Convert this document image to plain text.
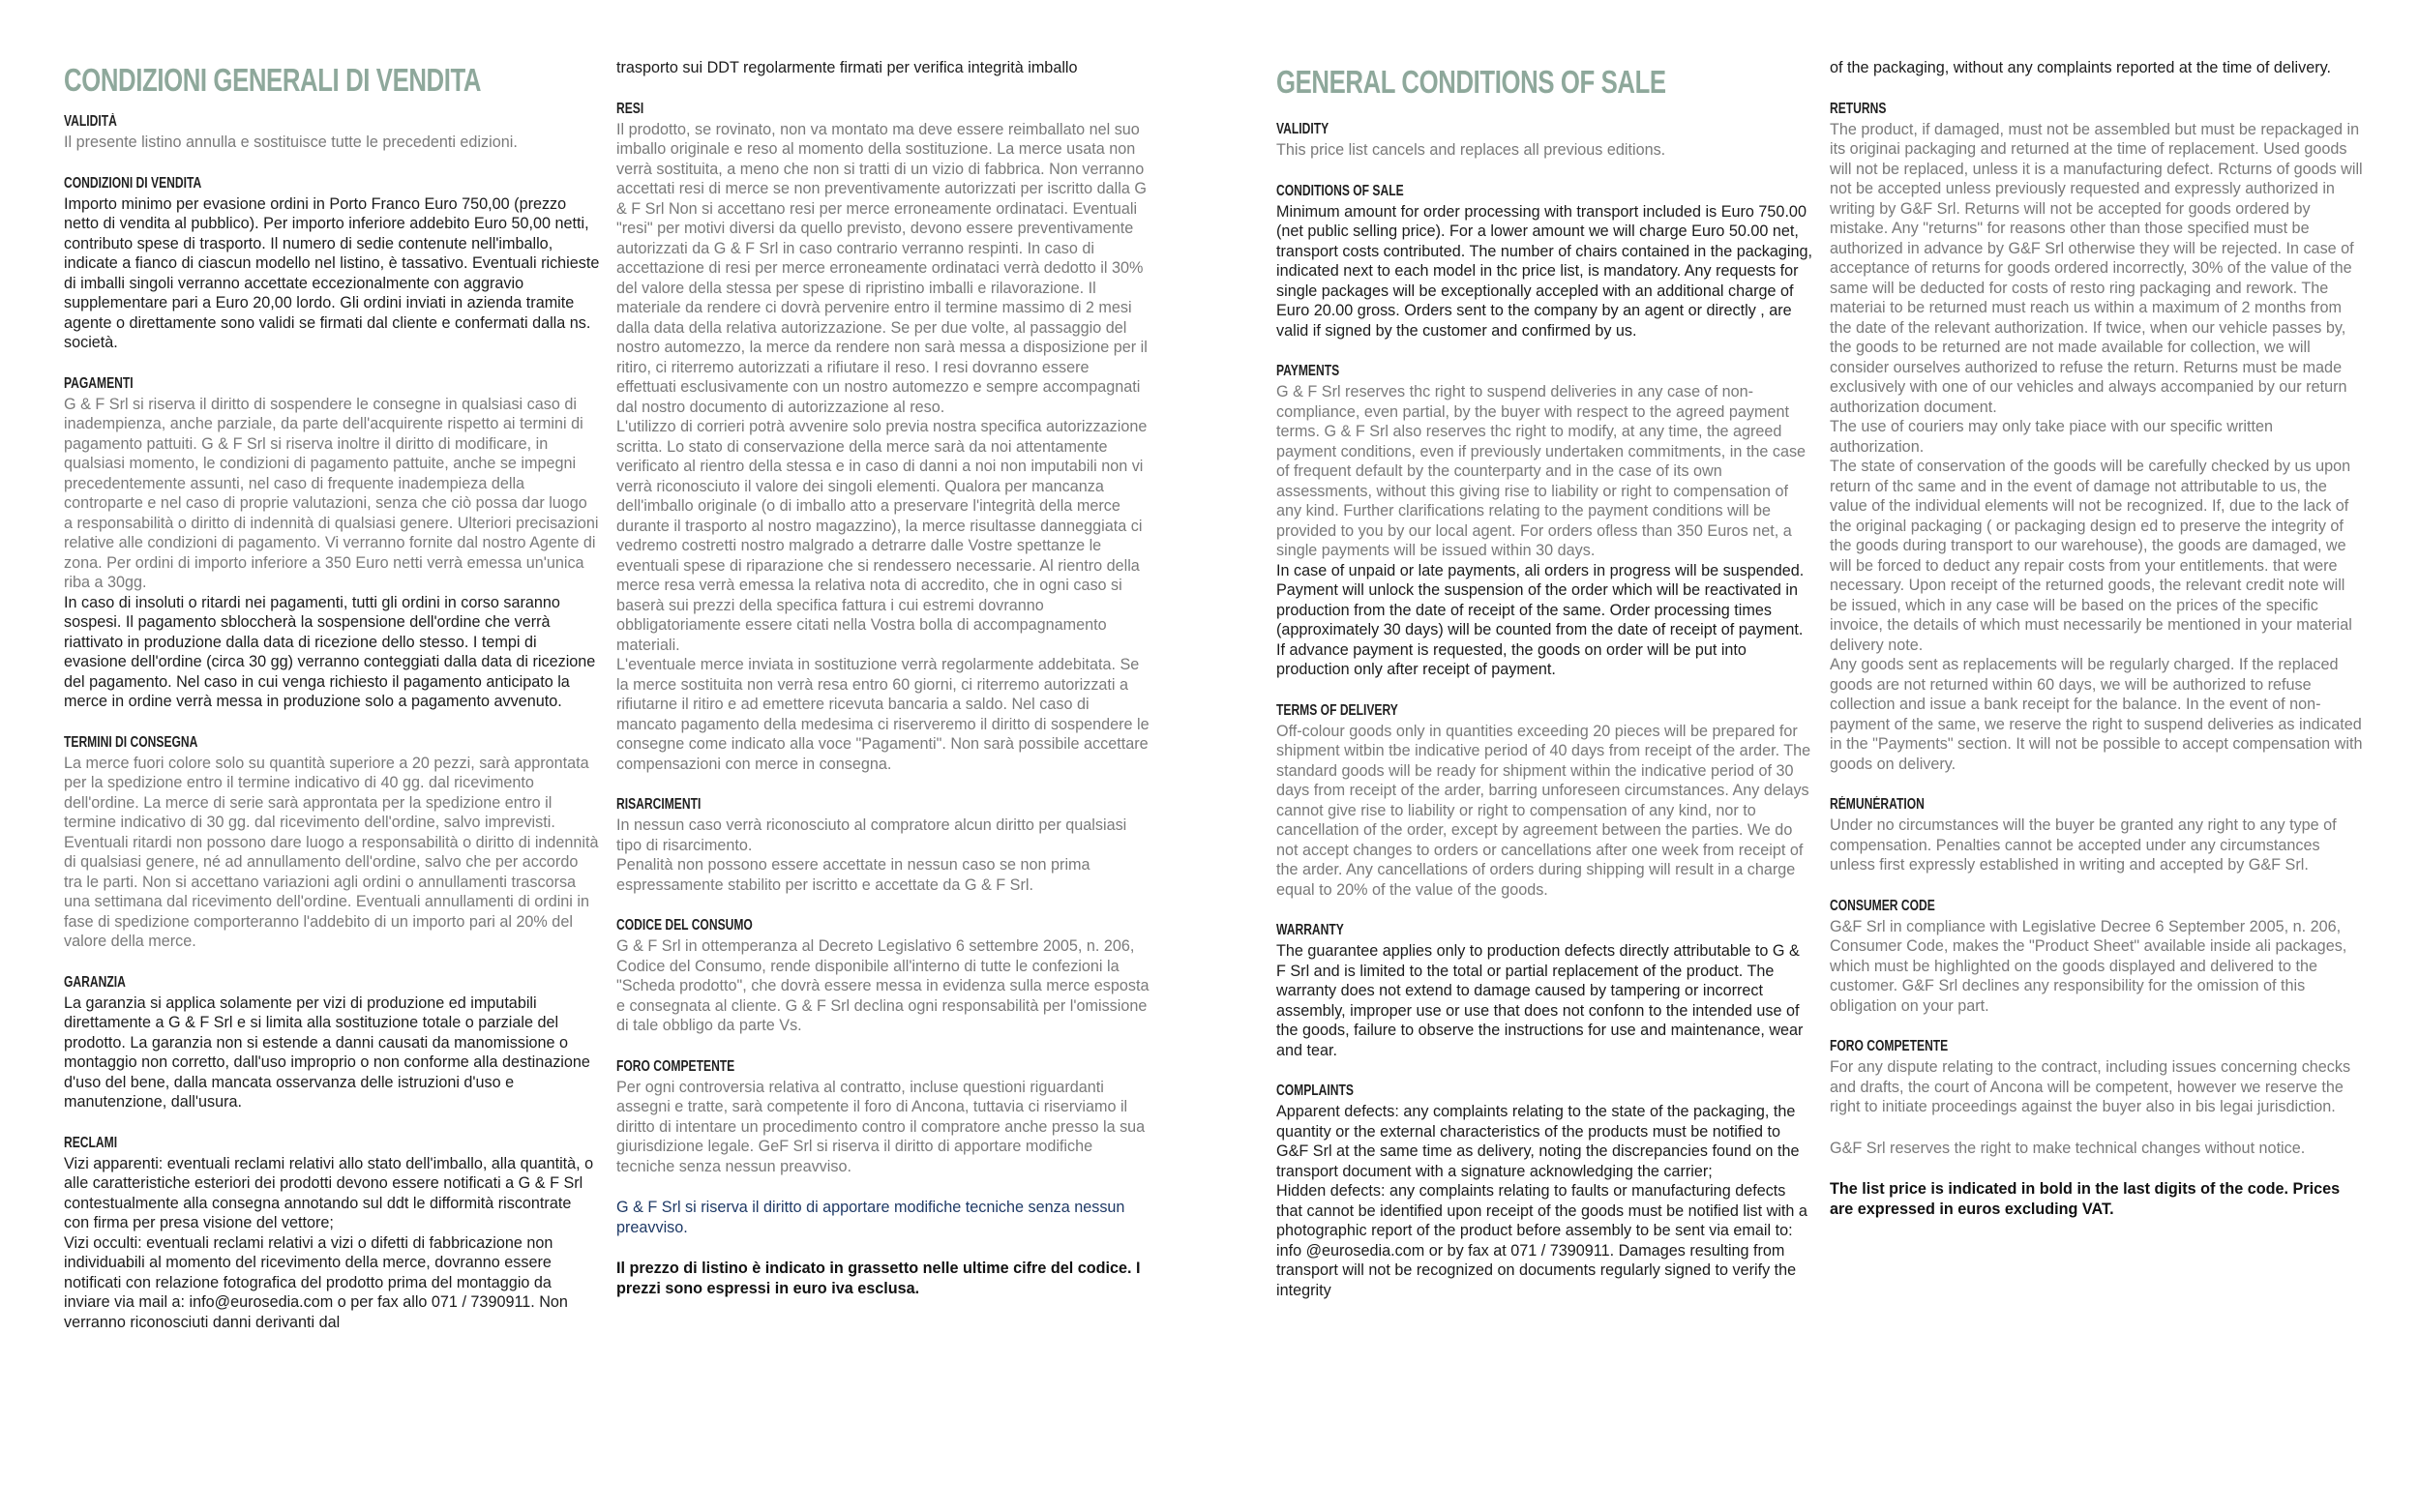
CONDIZIONI GENERALI DI VENDITA
VALIDITÀ

Il presente listino annulla e sostituisce tutte le precedenti edizioni.

CONDIZIONI DI VENDITA

Importo minimo per evasione ordini in Porto Franco Euro 750,00 (prezzo netto di vendita al pubblico). Per importo inferiore addebito Euro 50,00 netti, contributo spese di trasporto. Il numero di sedie contenute nell'imballo, indicate a fianco di ciascun modello nel listino, è tassativo. Eventuali richieste di imballi singoli verranno accettate eccezionalmente con aggravio supplementare pari a Euro 20,00 lordo. Gli ordini inviati in azienda tramite agente o direttamente sono validi se firmati dal cliente e confermati dalla ns. società.

PAGAMENTI

G & F Srl si riserva il diritto di sospendere le consegne in qualsiasi caso di inadempienza, anche parziale, da parte dell'acquirente rispetto ai termini di pagamento pattuiti. G & F Srl si riserva inoltre il diritto di modificare, in qualsiasi momento, le condizioni di pagamento pattuite, anche se impegni precedentemente assunti, nel caso di frequente inadempieza della controparte e nel caso di proprie valutazioni, senza che ciò possa dar luogo a responsabilità o diritto di indennità di qualsiasi genere. Ulteriori precisazioni relative alle condizioni di pagamento. Vi verranno fornite dal nostro Agente di zona. Per ordini di importo inferiore a 350 Euro netti verrà emessa un'unica riba a 30gg.

In caso di insoluti o ritardi nei pagamenti, tutti gli ordini in corso saranno sospesi. Il pagamento sbloccherà la sospensione dell'ordine che verrà riattivato in produzione dalla data di ricezione dello stesso. I tempi di evasione dell'ordine (circa 30 gg) verranno conteggiati dalla data di ricezione del pagamento. Nel caso in cui venga richiesto il pagamento anticipato la merce in ordine verrà messa in produzione solo a pagamento avvenuto.

TERMINI DI CONSEGNA

La merce fuori colore solo su quantità superiore a 20 pezzi, sarà approntata per la spedizione entro il termine indicativo di 40 gg. dal ricevimento dell'ordine. La merce di serie sarà approntata per la spedizione entro il termine indicativo di 30 gg. dal ricevimento dell'ordine, salvo imprevisti. Eventuali ritardi non possono dare luogo a responsabilità o diritto di indennità di qualsiasi genere, né ad annullamento dell'ordine, salvo che per accordo tra le parti. Non si accettano variazioni agli ordini o annullamenti trascorsa una settimana dal ricevimento dell'ordine. Eventuali annullamenti di ordini in fase di spedizione comporteranno l'addebito di un importo pari al 20% del valore della merce.

GARANZIA

La garanzia si applica solamente per vizi di produzione ed imputabili direttamente a G & F Srl e si limita alla sostituzione totale o parziale del prodotto. La garanzia non si estende a danni causati da manomissione o montaggio non corretto, dall'uso improprio o non conforme alla destinazione d'uso del bene, dalla mancata osservanza delle istruzioni d'uso e manutenzione, dall'usura.

RECLAMI

Vizi apparenti: eventuali reclami relativi allo stato dell'imballo, alla quantità, o alle caratteristiche esteriori dei prodotti devono essere notificati a G & F Srl contestualmente alla consegna annotando sul ddt le difformità riscontrate con firma per presa visione del vettore;

Vizi occulti: eventuali reclami relativi a vizi o difetti di fabbricazione non individuabili al momento del ricevimento della merce, dovranno essere notificati con relazione fotografica del prodotto prima del montaggio da inviare via mail a: info@eurosedia.com o per fax allo 071 / 7390911. Non verranno riconosciuti danni derivanti dal

trasporto sui DDT regolarmente firmati per verifica integrità imballo

RESI

Il prodotto, se rovinato, non va montato ma deve essere reimballato nel suo imballo originale e reso al momento della sostituzione. La merce usata non verrà sostituita, a meno che non si tratti di un vizio di fabbrica. Non verranno accettati resi di merce se non preventivamente autorizzati per iscritto dalla G & F Srl Non si accettano resi per merce erroneamente ordinataci. Eventuali "resi" per motivi diversi da quello previsto, devono essere preventivamente autorizzati da G & F Srl in caso contrario verranno respinti. In caso di accettazione di resi per merce erroneamente ordinataci verrà dedotto il 30% del valore della stessa per spese di ripristino imballi e rilavorazione. Il materiale da rendere ci dovrà pervenire entro il termine massimo di 2 mesi dalla data della relativa autorizzazione. Se per due volte, al passaggio del nostro automezzo, la merce da rendere non sarà messa a disposizione per il ritiro, ci riterremo autorizzati a rifiutare il reso. I resi dovranno essere effettuati esclusivamente con un nostro automezzo e sempre accompagnati dal nostro documento di autorizzazione al reso.

L'utilizzo di corrieri potrà avvenire solo previa nostra specifica autorizzazione scritta. Lo stato di conservazione della merce sarà da noi attentamente verificato al rientro della stessa e in caso di danni a noi non imputabili non vi verrà riconosciuto il valore dei singoli elementi. Qualora per mancanza dell'imballo originale (o di imballo atto a preservare l'integrità della merce durante il trasporto al nostro magazzino), la merce risultasse danneggiata ci vedremo costretti nostro malgrado a detrarre dalle Vostre spettanze le eventuali spese di riparazione che si rendessero necessarie. Al rientro della merce resa verrà emessa la relativa nota di accredito, che in ogni caso si baserà sui prezzi della specifica fattura i cui estremi dovranno obbligatoriamente essere citati nella Vostra bolla di accompagnamento materiali.

L'eventuale merce inviata in sostituzione verrà regolarmente addebitata. Se la merce sostituita non verrà resa entro 60 giorni, ci riterremo autorizzati a rifiutarne il ritiro e ad emettere ricevuta bancaria a saldo. Nel caso di mancato pagamento della medesima ci riserveremo il diritto di sospendere le consegne come indicato alla voce "Pagamenti". Non sarà possibile accettare compensazioni con merce in consegna.

RISARCIMENTI

In nessun caso verrà riconosciuto al compratore alcun diritto per qualsiasi tipo di risarcimento.

Penalità non possono essere accettate in nessun caso se non prima espressamente stabilito per iscritto e accettate da G & F Srl.

CODICE DEL CONSUMO

G & F Srl in ottemperanza al Decreto Legislativo 6 settembre 2005, n. 206, Codice del Consumo, rende disponibile all'interno di tutte le confezioni la "Scheda prodotto", che dovrà essere messa in evidenza sulla merce esposta e consegnata al cliente. G & F Srl declina ogni responsabilità per l'omissione di tale obbligo da parte Vs.

FORO COMPETENTE

Per ogni controversia relativa al contratto, incluse questioni riguardanti assegni e tratte, sarà competente il foro di Ancona, tuttavia ci riserviamo il diritto di intentare un procedimento contro il compratore anche presso la sua giurisdizione legale. GeF Srl si riserva il diritto di apportare modifiche tecniche senza nessun preavviso.

G & F Srl si riserva il diritto di apportare modifiche tecniche senza nessun preavviso.

Il prezzo di listino è indicato in grassetto nelle ultime cifre del codice. I prezzi sono espressi in euro iva esclusa.

GENERAL CONDITIONS OF SALE
VALIDITY

This price list cancels and replaces all previous editions.

CONDITIONS OF SALE

Minimum amount for order processing with transport included is Euro 750.00 (net public selling price). For a lower amount we will charge Euro 50.00 net, transport costs contributed. The number of chairs contained in the packaging, indicated next to each model in thc price list, is mandatory. Any requests for single packages will be exceptionally accepled with an additional charge of Euro 20.00 gross. Orders sent to the company by an agent or directly , are valid if signed by the customer and confirmed by us.

PAYMENTS

G & F Srl reserves thc right to suspend deliveries in any case of non-compliance, even partial, by the buyer with respect to the agreed payment terms. G & F Srl also reserves thc right to modify, at any time, the agreed payment conditions, even if previously undertaken commitments, in the case of frequent default by the counterparty and in the case of its own assessments, without this giving rise to liability or right to compensation of any kind. Further clarifications relating to the payment conditions will be provided to you by our local agent. For orders ofless than 350 Euros net, a single payments will be issued within 30 days.

In case of unpaid or late payments, ali orders in progress will be suspended. Payment will unlock the suspension of the order which will be reactivated in production from the date of receipt of the same. Order processing times (approximately 30 days) will be counted from the date of receipt of payment. If advance payment is requested, the goods on order will be put into production only after receipt of payment.

TERMS OF DELIVERY

Off-colour goods only in quantities exceeding 20 pieces will be prepared for shipment witbin tbe indicative period of 40 days from receipt of the arder. The standard goods will be ready for shipment within the indicative period of 30 days from receipt of the arder, barring unforeseen circumstances. Any delays cannot give rise to liability or right to compensation of any kind, nor to cancellation of the order, except by agreement between the parties. We do not accept changes to orders or cancellations after one week from receipt of the arder. Any cancellations of orders during shipping will result in a charge equal to 20% of the value of the goods.

WARRANTY

The guarantee applies only to production defects directly attributable to G & F Srl and is limited to the total or partial replacement of the product. The warranty does not extend to damage caused by tampering or incorrect assembly, improper use or use that does not confonn to the intended use of the goods, failure to observe the instructions for use and maintenance, wear and tear.

COMPLAINTS

Apparent defects: any complaints relating to the state of the packaging, the quantity or the external characteristics of the products must be notified to G&F Srl at the same time as delivery, noting the discrepancies found on the transport document with a signature acknowledging the carrier;

Hidden defects: any complaints relating to faults or manufacturing defects that cannot be identified upon receipt of the goods must be notified list with a photographic report of the product before assembly to be sent via email to: info @eurosedia.com or by fax at 071 / 7390911. Damages resulting from transport will not be recognized on documents regularly signed to verify the integrity

of the packaging, without any complaints reported at the time of delivery.

RETURNS

The product, if damaged, must not be assembled but must be repackaged in its originai packaging and returned at the time of replacement. Used goods will not be replaced, unless it is a manufacturing defect. Rcturns of goods will not be accepted unless previously requested and expressly authorized in writing by G&F Srl. Returns will not be accepted for goods ordered by mistake. Any "returns" for reasons other than those specified must be authorized in advance by G&F Srl otherwise they will be rejected. In case of acceptance of returns for goods ordered incorrectly, 30% of the value of the same will be deducted for costs of resto ring packaging and rework. The materiai to be returned must reach us within a maximum of 2 months from the date of the relevant authorization. If twice, when our vehicle passes by, the goods to be returned are not made available for collection, we will consider ourselves authorized to refuse the return. Returns must be made exclusively with one of our vehicles and always accompanied by our return authorization document.

The use of couriers may only take piace with our specific written authorization.

The state of conservation of the goods will be carefully checked by us upon return of thc same and in the event of damage not attributable to us, the value of the individual elements will not be recognized. If, due to the lack of the original packaging ( or packaging design ed to preserve the integrity of the goods during transport to our warehouse), the goods are damaged, we will be forced to deduct any repair costs from your entitlements. that were necessary. Upon receipt of the returned goods, the relevant credit note will be issued, which in any case will be based on the prices of the specific invoice, the details of which must necessarily be mentioned in your material delivery note.

Any goods sent as replacements will be regularly charged. If the replaced goods are not returned within 60 days, we will be authorized to refuse collection and issue a bank receipt for the balance. In the event of non-payment of the same, we reserve the right to suspend deliveries as indicated in the "Payments" section. It will not be possible to accept compensation with goods on delivery.

RÉMUNÉRATION

Under no circumstances will the buyer be granted any right to any type of compensation. Penalties cannot be accepted under any circumstances unless first expressly established in writing and accepted by G&F Srl.

CONSUMER CODE

G&F Srl in compliance with Legislative Decree 6 September 2005, n. 206, Consumer Code, makes the "Product Sheet" available inside ali packages, which must be highlighted on the goods displayed and delivered to the customer. G&F Srl declines any responsibility for the omission of this obligation on your part.

FORO COMPETENTE

For any dispute relating to the contract, including issues concerning checks and drafts, the court of Ancona will be competent, however we reserve the right to initiate proceedings against the buyer also in bis legai jurisdiction.

G&F Srl reserves the right to make technical changes without notice.

The list price is indicated in bold in the last digits of the code. Prices are expressed in euros excluding VAT.
